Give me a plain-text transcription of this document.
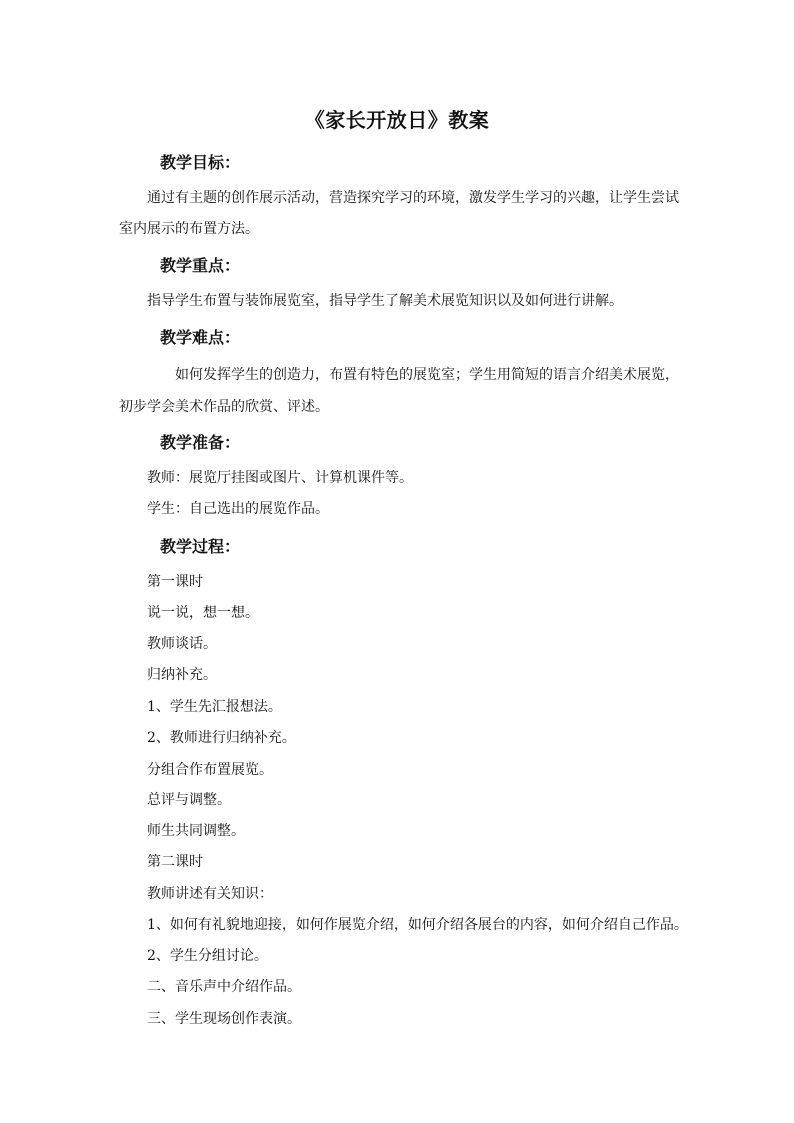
《家长开放日》教案
教学目标：
通过有主题的创作展示活动，营造探究学习的环境，激发学生学习的兴趣，让学生尝试
室内展示的布置方法。
教学重点：
指导学生布置与装饰展览室，指导学生了解美术展览知识以及如何进行讲解。
教学难点：
如何发挥学生的创造力，布置有特色的展览室；学生用简短的语言介绍美术展览，
初步学会美术作品的欣赏、评述。
教学准备：
教师：展览厅挂图或图片、计算机课件等。
学生：自己选出的展览作品。
教学过程：
第一课时
说一说，想一想。
教师谈话。
归纳补充。
1、学生先汇报想法。
2、教师进行归纳补充。
分组合作布置展览。
总评与调整。
师生共同调整。
第二课时
教师讲述有关知识：
1、如何有礼貌地迎接，如何作展览介绍，如何介绍各展台的内容，如何介绍自己作品。
2、学生分组讨论。
二、音乐声中介绍作品。
三、学生现场创作表演。
